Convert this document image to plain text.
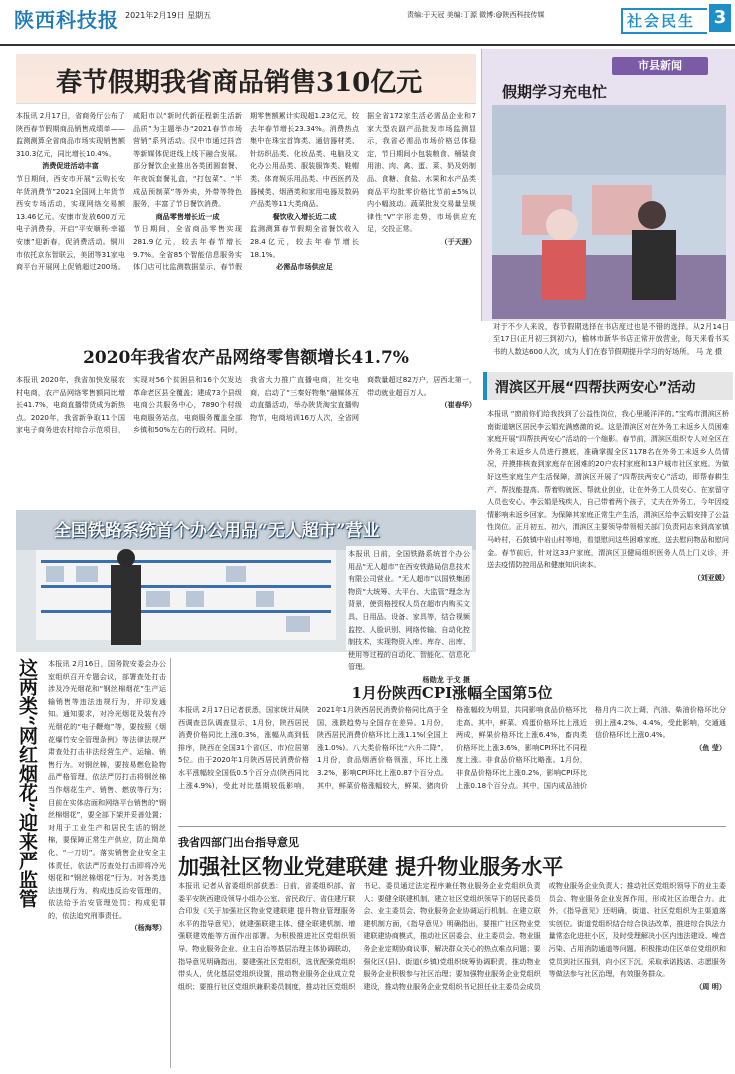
陕西科技报 2021年2月19日 星期五	责编:于天冠 美编:丁源 微博:@陕西科技传媒	社会民生	3
春节假期我省商品销售310亿元

本报讯 2月17日，省商务厅公布了陕西春节假期商品销售成绩单——监测测算全省商品市场实现销售额310.3亿元，同比增长10.4%。

消费促进活动丰富

节日期间，西安市开展“云购长安年货消费节”2021全国网上年货节西安专场活动，实现网络交易额13.46亿元。安康市发放600万元电子消费券，开启“平安顺利·幸福安康”迎新春，促消费活动。铜川市依托京东智联云，美团等31家电商平台开展网上促销超过200场。咸阳市以“新时代新征程新生活新品质”为主题举办“2021春节市场营销”系列活动。汉中市通过抖音等新媒体促进线上线下融合发展。部分餐饮企业推出各类团圆套餐、年夜饭套餐礼盒，“打包菜”、“半成品预制菜”等外卖，外带等特色服务，丰富了节日餐饮消费。

商品零售增长近一成

节日期间，全省商品零售实现281.9亿元，较去年春节增长9.7%。全省85个智能信息服务实体门店可比监测数据显示，春节假期零售额累计实现超1.23亿元，较去年春节增长23.34%。消费热点集中在珠宝首饰类、通信器材类、针纺织品类、化妆品类、电脑及文化办公用品类、服装服饰类、鞋帽类、体育娱乐用品类、中西医药及器械类、烟酒类和家用电器及数码产品类等11大类商品。

餐饮收入增长近二成

监测测算春节假期全省餐饮收入28.4亿元，较去年春节增长18.1%。

必需品市场供应足

据全省172家生活必需品企业和7家大型农副产品批发市场监测显示，我省必需品市场价格总体稳定，节日期间小包装粮食、桶装食用油、肉、禽、蛋、菜、奶及奶制品、食糖、食盐、水果和水产品类商品平均批零价格比节前±5%以内小幅波动。蔬菜批发交易量呈规律性“V”字形走势，市场供应充足，交投正常。

（于天涯）

2020年我省农产品网络零售额增长41.7%

本报讯 2020年，我省加快发展农村电商，农产品网络零售额同比增长41.7%，电商直播带货成为新热点。2020年，我省新争取11个国家电子商务进农村综合示范项目，实现对56个贫困县和16个欠发达革命老区县全覆盖；建成73个县级电商公共服务中心，7890个村级电商服务站点，电商服务覆盖全部乡镇和50%左右的行政村。同时，我省大力推广直播电商，社交电商，启动了“三秦好物集”融媒体互动直播活动，举办陕货淘宝直播购物节，电商培训16万人次，全省网商数量超过82万户，居西北第一，带动就业超百万人。

（崔春华）

全国铁路系统首个办公用品“无人超市”营业

本报讯 日前，全国铁路系统首个办公用品“无人超市”在西安铁路局信息技术有限公司营业。“无人超市”以国铁集团物资“大统筹、大平台、大监管”理念为背景，使资格授权人员在超市内购买文具、日用品、设备、家具等，结合视频监控、人脸识别、网络传输、自动化控制技术，实现物资入库、库存、出库、使用等过程的自动化、智能化、信息化管理。

杨勋龙 于戈 摄

这两类“网红烟花”迎来严监管 本报讯 2月16日，国务院安委会办公室组织召开专题会议，部署查处打击涉及冷光烟花和“钢丝棉烟花”生产运输销售等违法违规行为，并印发通知。通知要求，对冷光烟花及装有冷光烟花的“电子鞭炮”等，要按照《烟花爆竹安全管理条例》等法律法规严肃查处打击非法经营生产、运输、销售行为。对钢丝棉，要按易燃危险物品严格管理，依法严厉打击将钢丝棉当作烟花生产、销售、燃放等行为；目前在实体店面和网络平台销售的“钢丝棉烟花”，要全部下架并妥善处置；对用于工业生产和居民生活的钢丝棉，要保障正常生产供应，防止简单化、“一刀切”。落实销售企业安全主体责任，依法严厉查处打击即将冷光烟花和“钢丝棉烟花”行为。对各类违法违规行为，构成违反治安管理的，依法给予治安管理处罚；构成犯罪的，依法追究刑事责任。

（杨海琴）

1月份陕西CPI涨幅全国第5位

本报讯 2月17日记者获悉，国家统计局陕西调查总队调查显示，1月份，陕西居民消费价格同比上涨0.3%，涨幅从高到低排序，陕西在全国31个省(区、市)位居第5位。由于2020年1月陕西居民消费价格水平涨幅较全国低0.5个百分点(陕西同比上涨4.9%)，受此对比基期较低影响，2021年1月陕西居民消费价格同比高于全国，涨跌趋势与全国存在差异。1月份，陕西居民消费价格环比上涨1.1%(全国上涨1.0%)。八大类价格环比“六升二降”，1月份，食品烟酒价格领涨，环比上涨3.2%，影响CPI环比上涨0.87个百分点。其中，鲜菜价格涨幅较大，鲜果、猪肉价格涨幅较为明显，共同影响食品价格环比走高。其中，鲜菜、鸡蛋价格环比上涨近两成，鲜果价格环比上涨6.4%，畜肉类价格环比上涨3.6%，影响CPI环比不同程度上涨。非食品价格环比略涨。1月份，非食品价格环比上涨0.2%，影响CPI环比上涨0.18个百分点。其中，国内成品油价格月内二次上调，汽油、柴油价格环比分别上涨4.2%、4.4%，受此影响，交通通信价格环比上涨0.4%。

（鱼 莹）

我省四部门出台指导意见
加强社区物业党建联建 提升物业服务水平

本报讯 记者从省委组织部获悉：日前，省委组织部、省委平安陕西建设领导小组办公室、省民政厅、省住建厅联合印发《关于加强社区物业党建联建 提升物业管理服务水平的指导意见》，就建强联建主体、健全联建机制、增强联建效能等方面作出部署。为积极推进社区党组织领导、物业服务企业、业主自治等基层治理主体协调联动，指导意见明确指出，要建强社区党组织，选优配强党组织带头人，优化基层党组织设置，推动物业服务企业成立党组织；要推行社区党组织兼职委员制度，推动社区党组织书记、委员通过法定程序兼任物业服务企业党组织负责人；要健全联建机制，建立社区党组织领导下的居民委员会、业主委员会、物业服务企业协调运行机制。在建立联建机制方面，《指导意见》明确指出，要推广社区物业党建联建协商模式，推动社区居委会、业主委员会、物业服务企业定期协商议事，解决群众关心的热点难点问题；要强化区(县)、街道(乡镇)党组织统筹协调职责，推动物业服务企业积极参与社区治理；要加强物业服务企业党组织建设，推动物业服务企业党组织书记担任业主委员会成员或物业服务企业负责人；推动社区党组织领导下的业主委员会、物业服务企业发挥作用，形成社区治理合力。此外，《指导意见》还明确，街道、社区党组织为主渠道落实创位。街道党组织结合综合执法改革，推进综合执法力量常态化进驻小区，及时受理解决小区内违法建设、噪音污染、占用消防通道等问题。积极推动住区单位党组织和党员到社区报到，向小区下沉，采取承诺践诺、志愿服务等做法参与社区治理，有效服务群众。

（周 明）

市县新闻
假期学习充电忙
对于不少人来说，春节假期选择在书店度过也是不错的选择。从2月14日至17日(正月初三到初六)，榆林市新华书店正常开放营业，每天来看书买书的人数达600人次，成为人们在春节假期提升学习的好场所。 马 龙 摄
渭滨区开展“四帮扶两安心”活动

本报讯 “窗前你们给我找到了公益性岗位，我心里暖洋洋的。”宝鸡市渭滨区桥南街道辖区居民李云娟充满感激的说。这是渭滨区对在外务工未返乡人员困难家庭开展“四帮扶两安心”活动的一个缩影。春节前，渭滨区组织专人对全区在外务工未返乡人员进行摸底，准确掌握全区1178名在外务工未返乡人员情况，并摸排核查到家庭存在困难的20户农村家庭和13户城市社区家庭。为做好这些家庭生产生活保障，渭滨区开展了“四帮扶两安心”活动，即帮春耕生产、帮找能提高、帮着购就医、帮就业创业，让在外务工人员安心、在家留守人员也安心。李云娟是残疾人，自己带着两个孩子，丈夫在外务工，今年因疫情影响未返乡回家。为保障其家庭正常生产生活，渭滨区给李云娟安排了公益性岗位。正月初五、初六，渭滨区主要领导带领相关部门负责同志来到高家镇马岭村，石鼓镇中岩山村等地，看望慰问这些困难家庭，送去慰问物品和慰问金。春节前后，针对这33户家庭，渭滨区卫健局组织医务人员上门义诊，并送去疫情防控用品和健康知识读本。

（刘亚媛）
